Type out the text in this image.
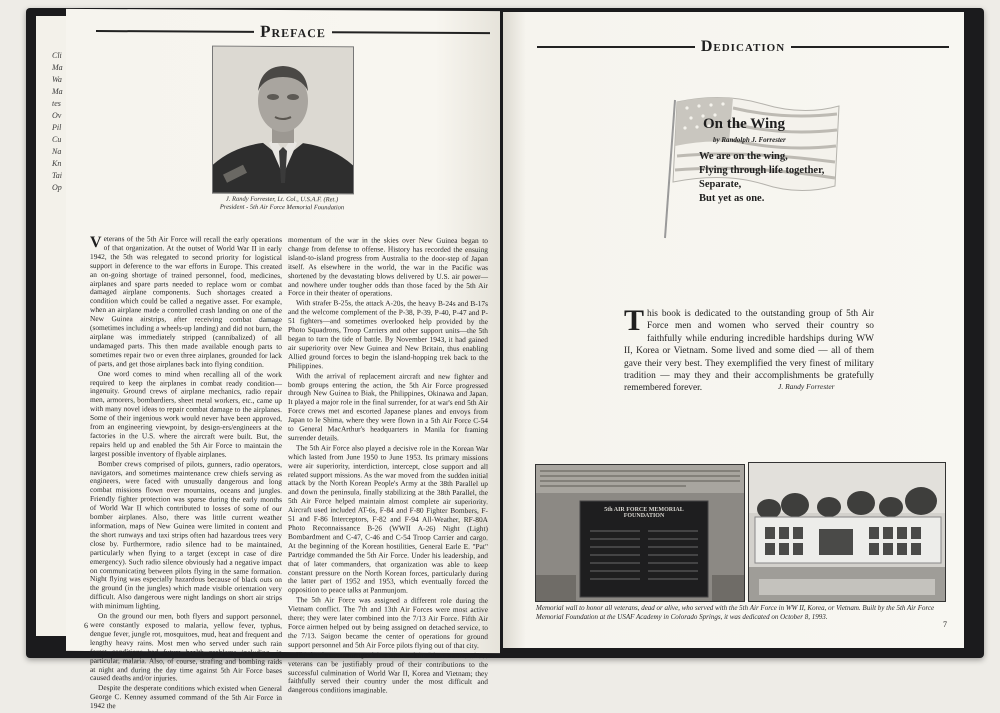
Cli
Ma
Wa
Ma
tes
Ov
Pil
Cu
Na
Kn
Tai
Op
Preface
J. Randy Forrester, Lt. Col., U.S.A.F. (Ret.)
President - 5th Air Force Memorial Foundation

Veterans of the 5th Air Force will recall the early operations of that organization. At the outset of World War II in early 1942, the 5th was relegated to second priority for logistical support in deference to the war efforts in Europe. This created an on-going shortage of trained personnel, food, medicines, airplanes and spare parts needed to replace worn or combat damaged airplane components. Such shortages created a condition which could be called a negative asset. For example, when an airplane made a controlled crash landing on one of the New Guinea airstrips, after receiving combat damage (sometimes including a wheels-up landing) and did not burn, the airplane was immediately stripped (cannibalized) of all undamaged parts. This then made available enough parts to sometimes repair two or even three airplanes, grounded for lack of parts, and get those airplanes back into flying condition.

One word comes to mind when recalling all of the work required to keep the airplanes in combat ready condition—ingenuity. Ground crews of airplane mechanics, radio repair men, armorers, bombardiers, sheet metal workers, etc., came up with many novel ideas to repair combat damage to the airplanes. Some of their ingenious work would never have been approved, from an engineering viewpoint, by design-ers/engineers at the factories in the U.S. where the aircraft were built. But, the repairs held up and enabled the 5th Air Force to maintain the largest possible inventory of flyable airplanes.

Bomber crews comprised of pilots, gunners, radio operators, navigators, and sometimes maintenance crew chiefs serving as engineers, were faced with unusually dangerous and long combat missions flown over mountains, oceans and jungles. Friendly fighter protection was sparse during the early months of World War II which contributed to losses of some of our bomber airplanes. Also, there was little current weather information, maps of New Guinea were limited in content and the short runways and taxi strips often had hazardous trees very close by. Furthermore, radio silence had to be maintained, particularly when flying to a target (except in case of dire emergency). Such radio silence obviously had a negative impact on communicating between pilots flying in the same formation. Night flying was especially hazardous because of black outs on the ground (in the jungles) which made visible orientation very difficult. Also dangerous were night landings on short air strips with minimum lighting.

On the ground our men, both flyers and support personnel, were constantly exposed to malaria, yellow fever, typhus, dengue fever, jungle rot, mosquitoes, mud, heat and frequent and lengthy heavy rains. Most men who served under such rain forest conditions had future health problems including, in particular, malaria. Also, of course, strafing and bombing raids at night and during the day time against 5th Air Force bases caused deaths and/or injuries.

Despite the desperate conditions which existed when General George C. Kenney assumed command of the 5th Air Force in 1942 the

momentum of the war in the skies over New Guinea began to change from defense to offense. History has recorded the ensuing island-to-island progress from Australia to the door-step of Japan itself. As elsewhere in the world, the war in the Pacific was shortened by the devastating blows delivered by U.S. air power—and nowhere under tougher odds than those faced by the 5th Air Force in their theater of operations.

With strafer B-25s, the attack A-20s, the heavy B-24s and B-17s and the welcome complement of the P-38, P-39, P-40, P-47 and P-51 fighters—and sometimes overlooked help provided by the Photo Squadrons, Troop Carriers and other support units—the 5th began to turn the tide of battle. By November 1943, it had gained air superiority over New Guinea and New Britain, thus enabling Allied ground forces to begin the island-hopping trek back to the Philippines.

With the arrival of replacement aircraft and new fighter and bomb groups entering the action, the 5th Air Force progressed through New Guinea to Biak, the Philippines, Okinawa and Japan. It played a major role in the final surrender, for at war's end 5th Air Force crews met and escorted Japanese planes and envoys from Japan to Ie Shima, where they were flown in a 5th Air Force C-54 to General MacArthur's headquarters in Manila for framing surrender details.

The 5th Air Force also played a decisive role in the Korean War which lasted from June 1950 to June 1953. Its primary missions were air superiority, interdiction, intercept, close support and all related support missions. As the war moved from the sudden initial attack by the North Korean People's Army at the 38th Parallel up and down the peninsula, finally stabilizing at the 38th Parallel, the 5th Air Force helped maintain almost complete air superiority. Aircraft used included AT-6s, F-84 and F-80 Fighter Bombers, F-51 and F-86 Interceptors, F-82 and F-94 All-Weather, RF-80A Photo Reconnaissance B-26 (WWII A-26) Night (Light) Bombardment and C-47, C-46 and C-54 Troop Carrier and cargo. At the beginning of the Korean hostilities, General Earle E. "Pat" Partridge commanded the 5th Air Force. Under his leadership, and that of later commanders, that organization was able to keep constant pressure on the North Korean forces, particularly during the latter part of 1952 and 1953, which eventually forced the opposition to peace talks at Panmunjom.

The 5th Air Force was assigned a different role during the Vietnam conflict. The 7th and 13th Air Forces were most active there; they were later combined into the 7/13 Air Force. Fifth Air Force airmen helped out by being assigned on detached service, to the 7/13. Saigon became the center of operations for ground support personnel and 5th Air Force pilots flying out of that city.

This book covers many of the actions of the 5th Air Force whose veterans can be justifiably proud of their contributions to the successful culmination of World War II, Korea and Vietnam; they faithfully served their country under the most difficult and dangerous conditions imaginable.

6
Dedication
On the Wing
by Randolph J. Forrester
We are on the wing,
Flying through life together,
Separate,
But yet as one.
This book is dedicated to the outstanding group of 5th Air Force men and women who served their country so faithfully while enduring incredible hardships during WW II, Korea or Vietnam. Some lived and some died — all of them gave their very best. They exemplified the very finest of military tradition — may they and their accomplishments be gratefully remembered forever.	J. Randy Forrester
5th AIR FORCE MEMORIAL FOUNDATION
Memorial wall to honor all veterans, dead or alive, who served with the 5th Air Force in WW II, Korea, or Vietnam. Built by the 5th Air Force Memorial Foundation at the USAF Academy in Colorado Springs, it was dedicated on October 8, 1993.
7
